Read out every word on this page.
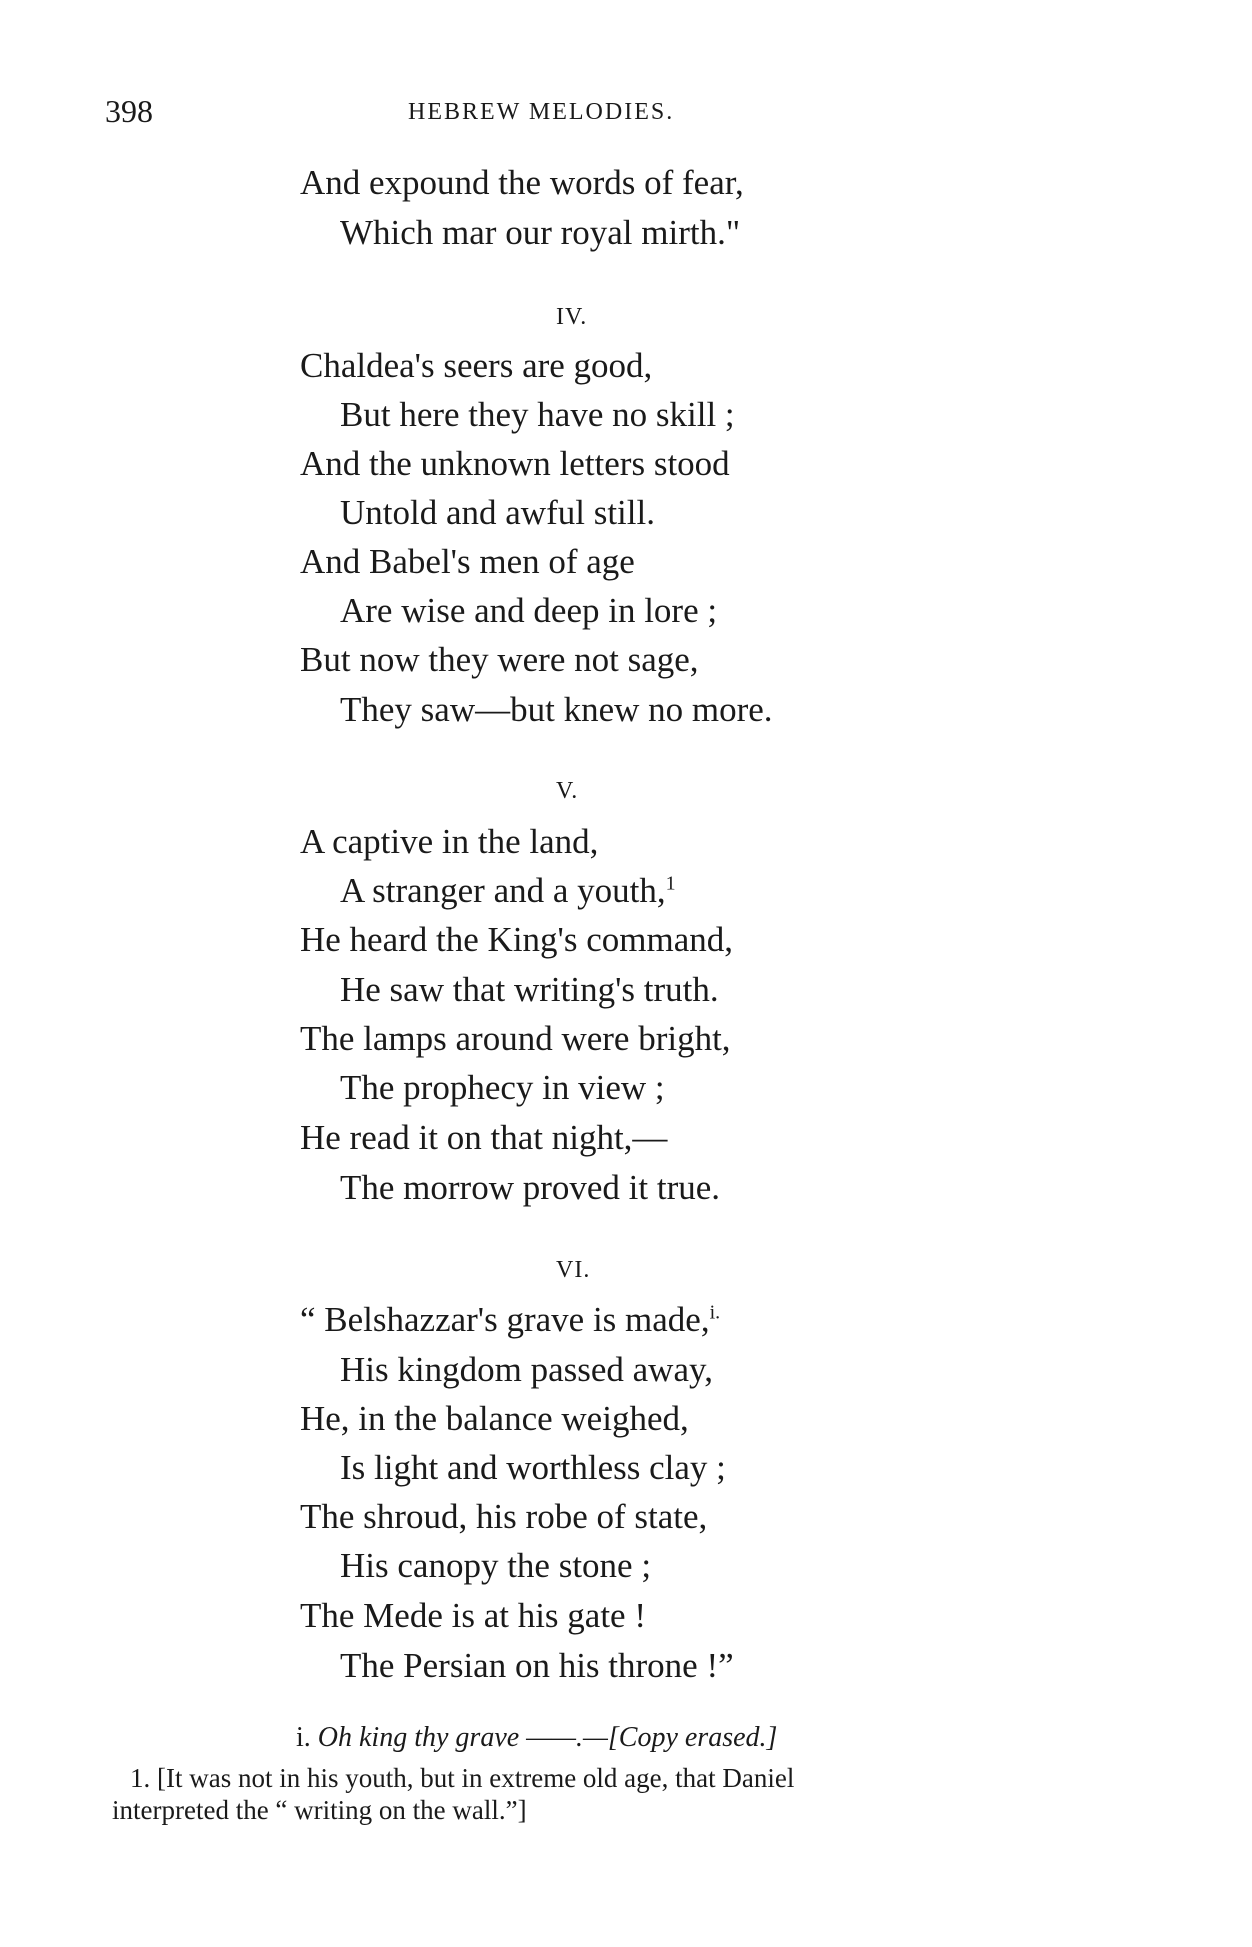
398	HEBREW MELODIES.
And expound the words of fear,
Which mar our royal mirth."
IV.
Chaldea's seers are good,
But here they have no skill ;
And the unknown letters stood
Untold and awful still.
And Babel's men of age
Are wise and deep in lore ;
But now they were not sage,
They saw—but knew no more.
V.
A captive in the land,
A stranger and a youth,$^1$
He heard the King's command,
He saw that writing's truth.
The lamps around were bright,
The prophecy in view ;
He read it on that night,—
The morrow proved it true.
VI.
“ Belshazzar's grave is made,$^{i.}$
His kingdom passed away,
He, in the balance weighed,
Is light and worthless clay ;
The shroud, his robe of state,
His canopy the stone ;
The Mede is at his gate !
The Persian on his throne !”
i. Oh king thy grave ——.—[Copy erased.]
1. [It was not in his youth, but in extreme old age, that Daniel
interpreted the “ writing on the wall.”]
